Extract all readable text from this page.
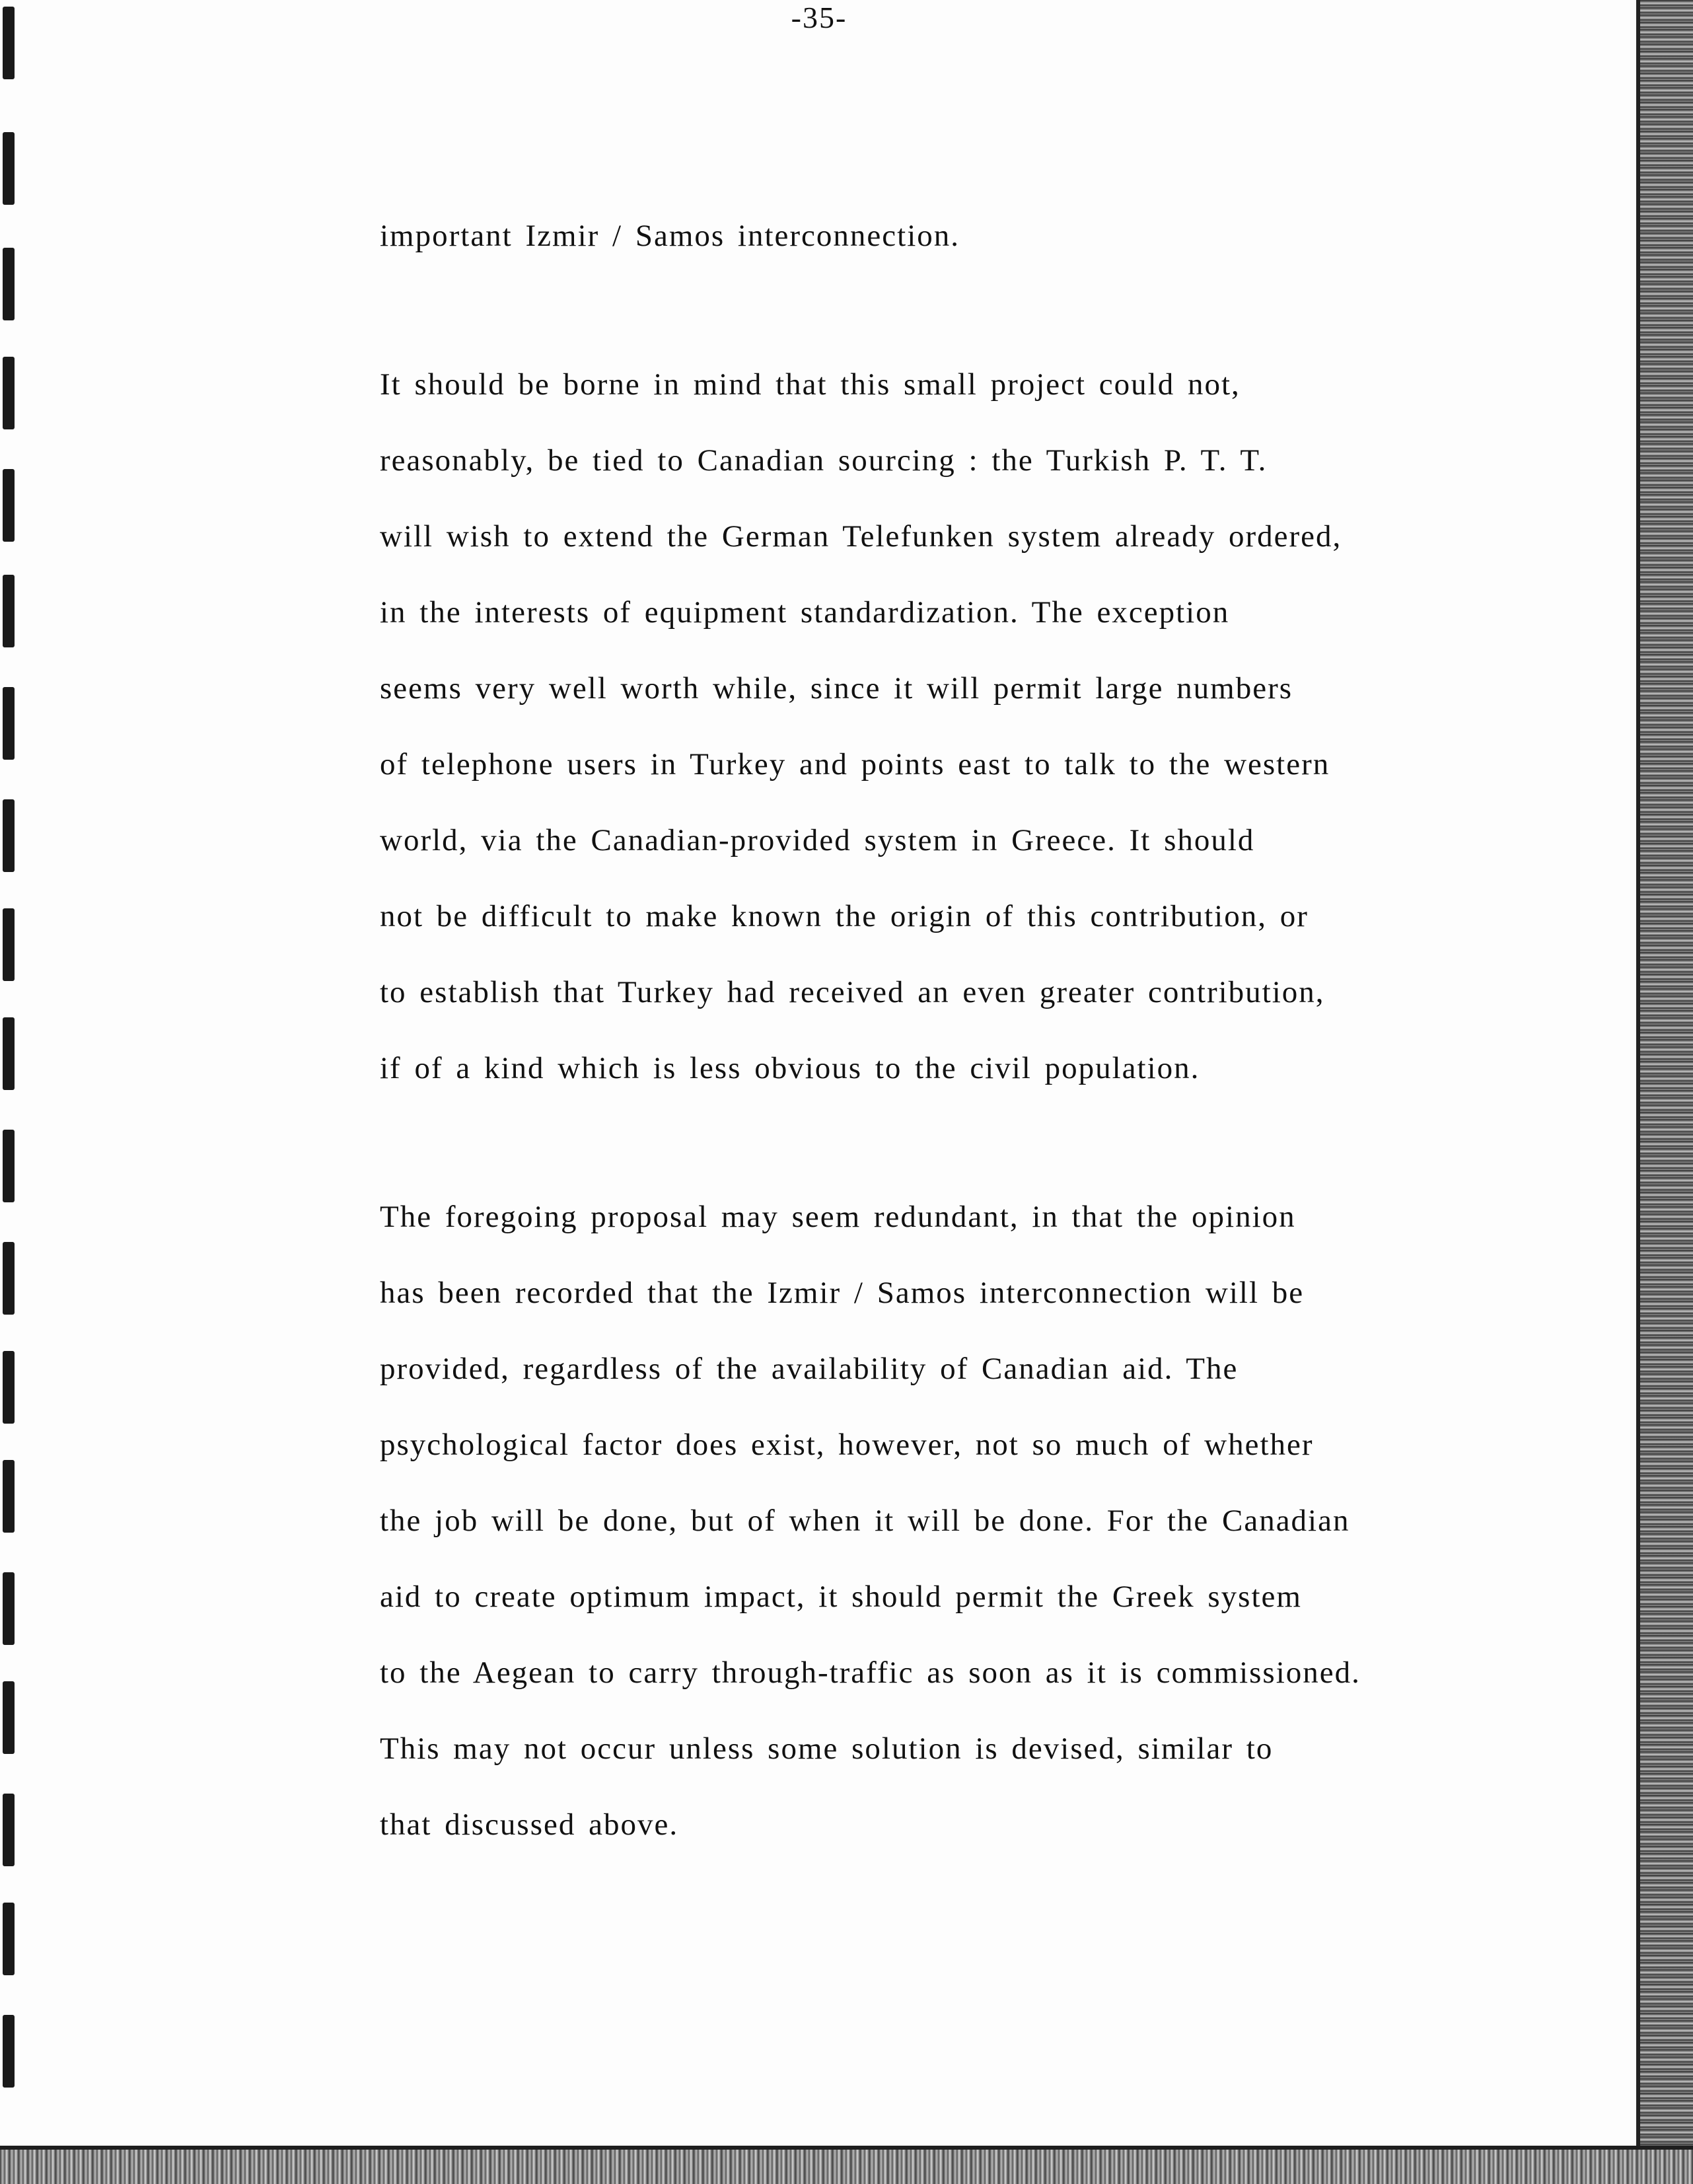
-35-
important Izmir / Samos interconnection.
It should be borne in mind that this small project could not,
reasonably, be tied to Canadian sourcing : the Turkish P. T. T.
will wish to extend the German Telefunken system already ordered,
in the interests of equipment standardization. The exception
seems very well worth while, since it will permit large numbers
of telephone users in Turkey and points east to talk to the western
world, via the Canadian-provided system in Greece. It should
not be difficult to make known the origin of this contribution, or
to establish that Turkey had received an even greater contribution,
if of a kind which is less obvious to the civil population.
The foregoing proposal may seem redundant, in that the opinion
has been recorded that the Izmir / Samos interconnection will be
provided, regardless of the availability of Canadian aid. The
psychological factor does exist, however, not so much of whether
the job will be done, but of when it will be done. For the Canadian
aid to create optimum impact, it should permit the Greek system
to the Aegean to carry through-traffic as soon as it is commissioned.
This may not occur unless some solution is devised, similar to
that discussed above.
